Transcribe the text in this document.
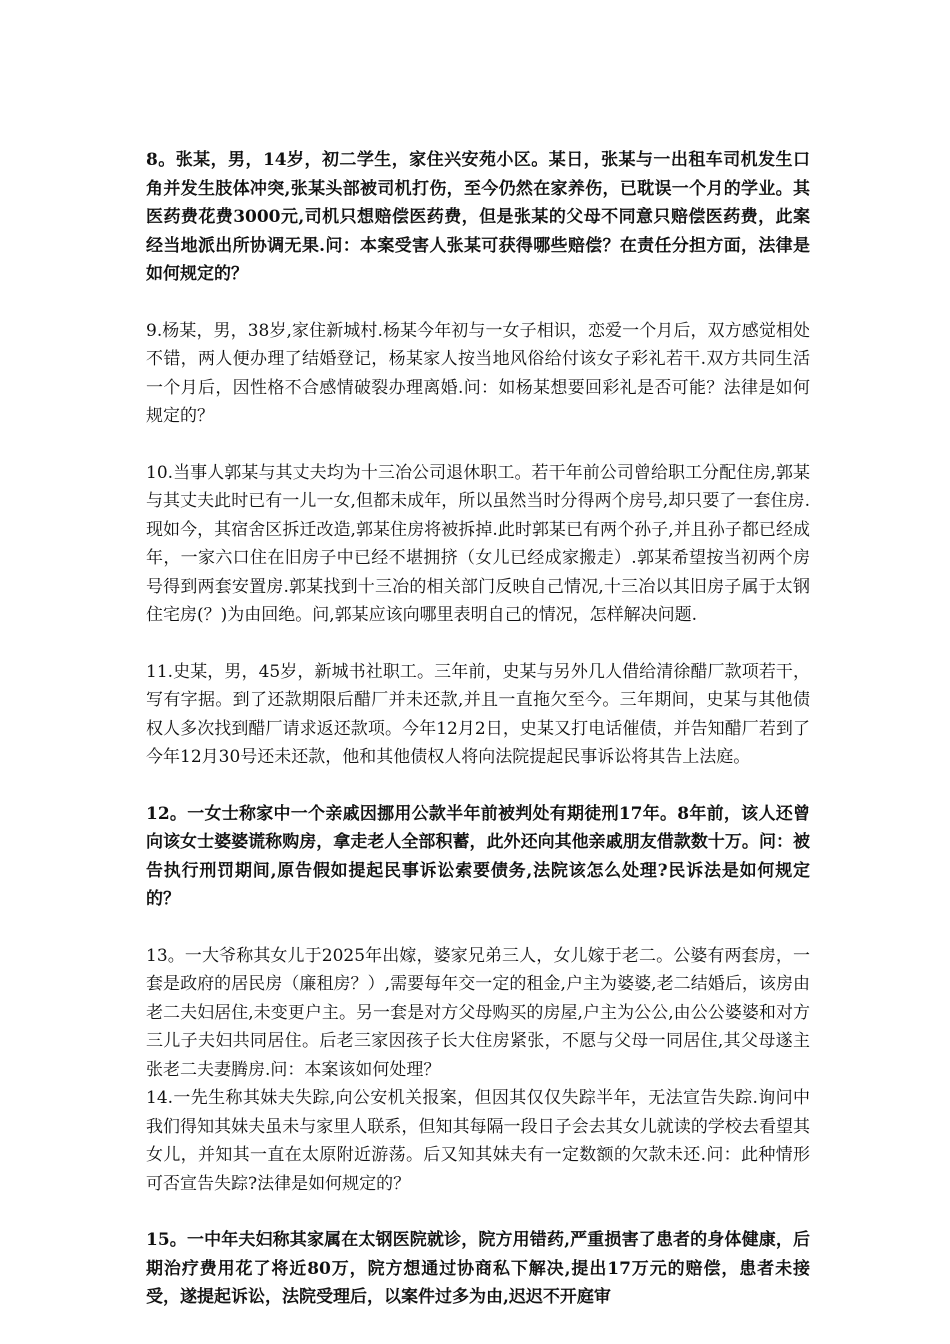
8。张某，男，14岁，初二学生，家住兴安苑小区。某日，张某与一出租车司机发生口角并发生肢体冲突,张某头部被司机打伤，至今仍然在家养伤，已耽误一个月的学业。其医药费花费3000元,司机只想赔偿医药费，但是张某的父母不同意只赔偿医药费，此案经当地派出所协调无果.问：本案受害人张某可获得哪些赔偿？在责任分担方面，法律是如何规定的？

9.杨某，男，38岁,家住新城村.杨某今年初与一女子相识，恋爱一个月后，双方感觉相处不错，两人便办理了结婚登记，杨某家人按当地风俗给付该女子彩礼若干.双方共同生活一个月后，因性格不合感情破裂办理离婚.问：如杨某想要回彩礼是否可能？法律是如何规定的？

10.当事人郭某与其丈夫均为十三冶公司退休职工。若干年前公司曾给职工分配住房,郭某与其丈夫此时已有一儿一女,但都未成年，所以虽然当时分得两个房号,却只要了一套住房.现如今，其宿舍区拆迁改造,郭某住房将被拆掉.此时郭某已有两个孙子,并且孙子都已经成年，一家六口住在旧房子中已经不堪拥挤（女儿已经成家搬走）.郭某希望按当初两个房号得到两套安置房.郭某找到十三冶的相关部门反映自己情况,十三冶以其旧房子属于太钢住宅房(？)为由回绝。问,郭某应该向哪里表明自己的情况，怎样解决问题.

11.史某，男，45岁，新城书社职工。三年前，史某与另外几人借给清徐醋厂款项若干，写有字据。到了还款期限后醋厂并未还款,并且一直拖欠至今。三年期间，史某与其他债权人多次找到醋厂请求返还款项。今年12月2日，史某又打电话催债，并告知醋厂若到了今年12月30号还未还款，他和其他债权人将向法院提起民事诉讼将其告上法庭。

12。一女士称家中一个亲戚因挪用公款半年前被判处有期徒刑17年。8年前，该人还曾向该女士婆婆谎称购房，拿走老人全部积蓄，此外还向其他亲戚朋友借款数十万。问：被告执行刑罚期间,原告假如提起民事诉讼索要债务,法院该怎么处理?民诉法是如何规定的？

13。一大爷称其女儿于2025年出嫁，婆家兄弟三人，女儿嫁于老二。公婆有两套房，一套是政府的居民房（廉租房？）,需要每年交一定的租金,户主为婆婆,老二结婚后，该房由老二夫妇居住,未变更户主。另一套是对方父母购买的房屋,户主为公公,由公公婆婆和对方三儿子夫妇共同居住。后老三家因孩子长大住房紧张，不愿与父母一同居住,其父母遂主张老二夫妻腾房.问：本案该如何处理？

14.一先生称其妹夫失踪,向公安机关报案，但因其仅仅失踪半年，无法宣告失踪.询问中我们得知其妹夫虽未与家里人联系，但知其每隔一段日子会去其女儿就读的学校去看望其女儿，并知其一直在太原附近游荡。后又知其妹夫有一定数额的欠款未还.问：此种情形可否宣告失踪?法律是如何规定的？

15。一中年夫妇称其家属在太钢医院就诊，院方用错药,严重损害了患者的身体健康，后期治疗费用花了将近80万，院方想通过协商私下解决,提出17万元的赔偿，患者未接受，遂提起诉讼，法院受理后，以案件过多为由,迟迟不开庭审
